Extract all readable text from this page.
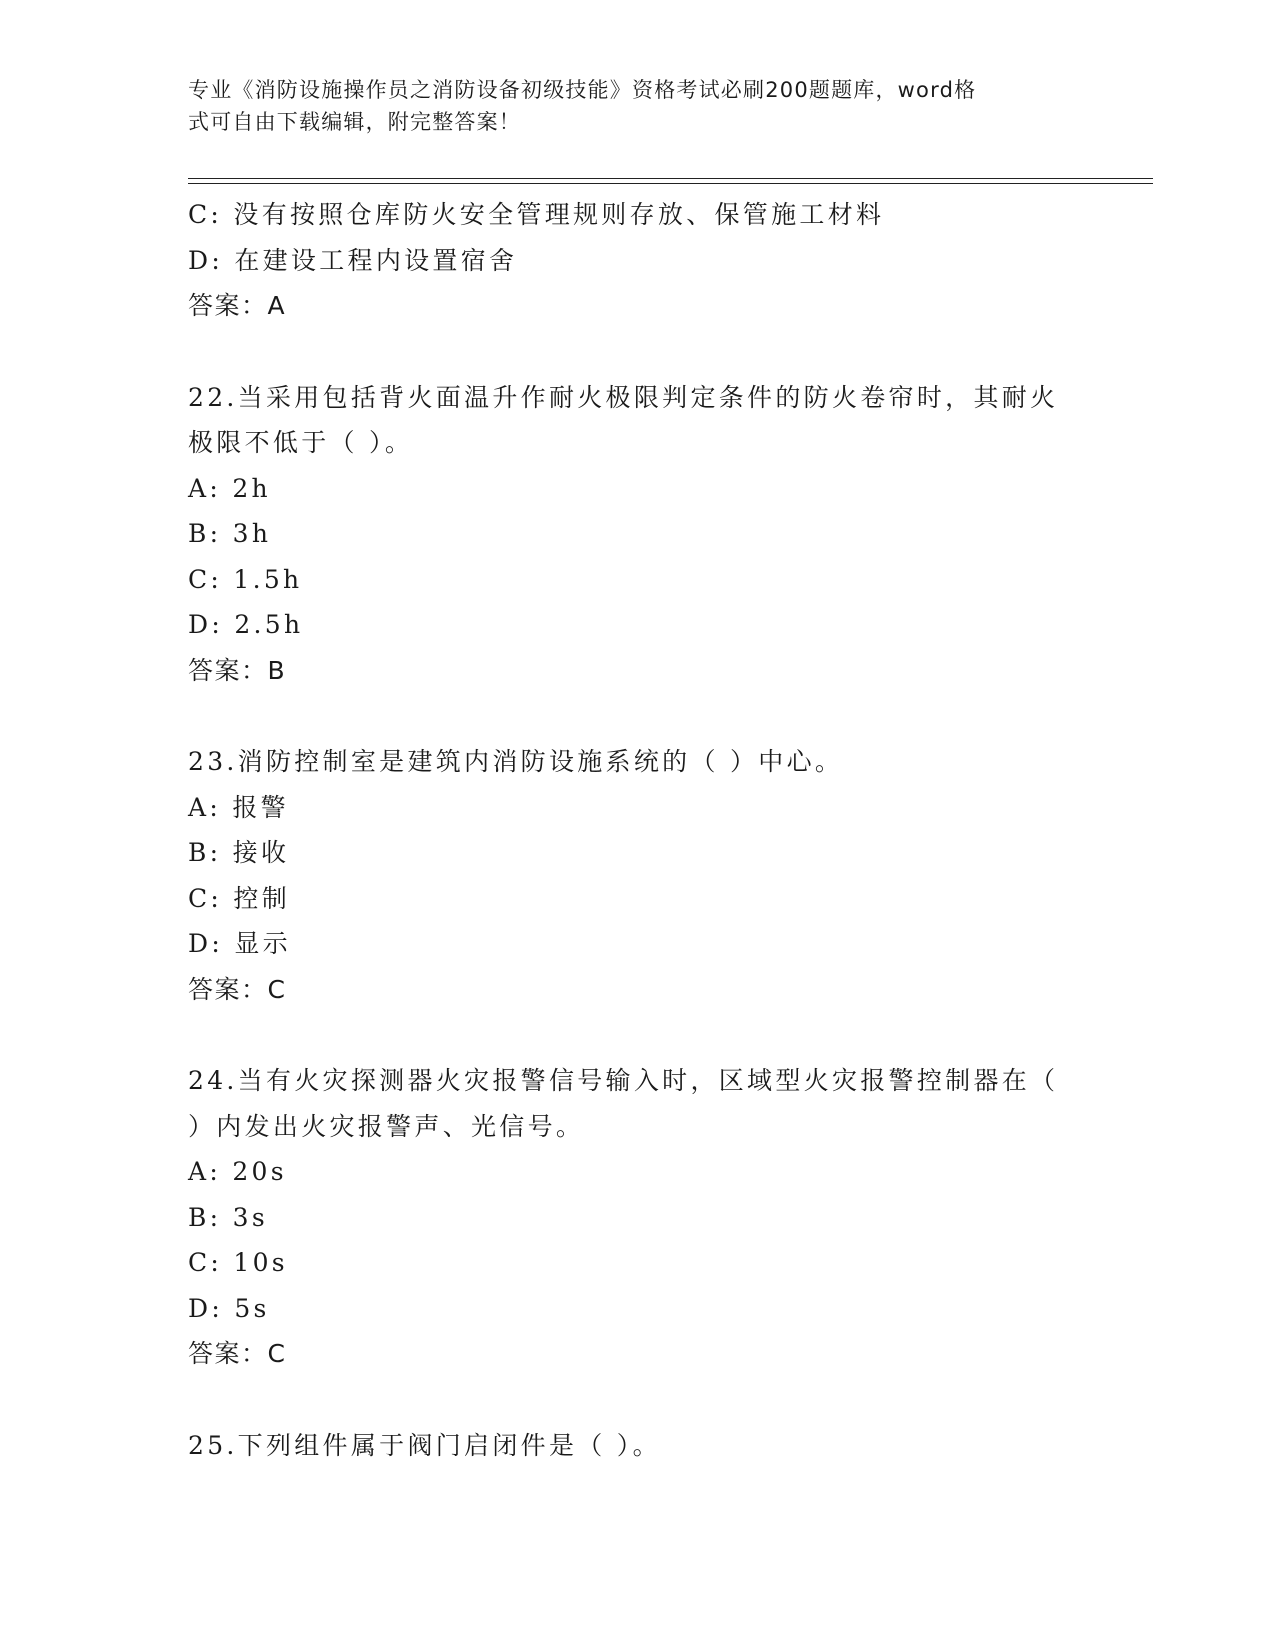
专业《消防设施操作员之消防设备初级技能》资格考试必刷200题题库，word格
式可自由下载编辑，附完整答案！
C: 没有按照仓库防火安全管理规则存放、保管施工材料
D: 在建设工程内设置宿舍
答案：A
22.当采用包括背火面温升作耐火极限判定条件的防火卷帘时，其耐火
极限不低于（ ）。
A: 2h
B: 3h
C: 1.5h
D: 2.5h
答案：B
23.消防控制室是建筑内消防设施系统的（ ）中心。
A: 报警
B: 接收
C: 控制
D: 显示
答案：C
24.当有火灾探测器火灾报警信号输入时，区域型火灾报警控制器在（
）内发出火灾报警声、光信号。
A: 20s
B: 3s
C: 10s
D: 5s
答案：C
25.下列组件属于阀门启闭件是（ ）。
